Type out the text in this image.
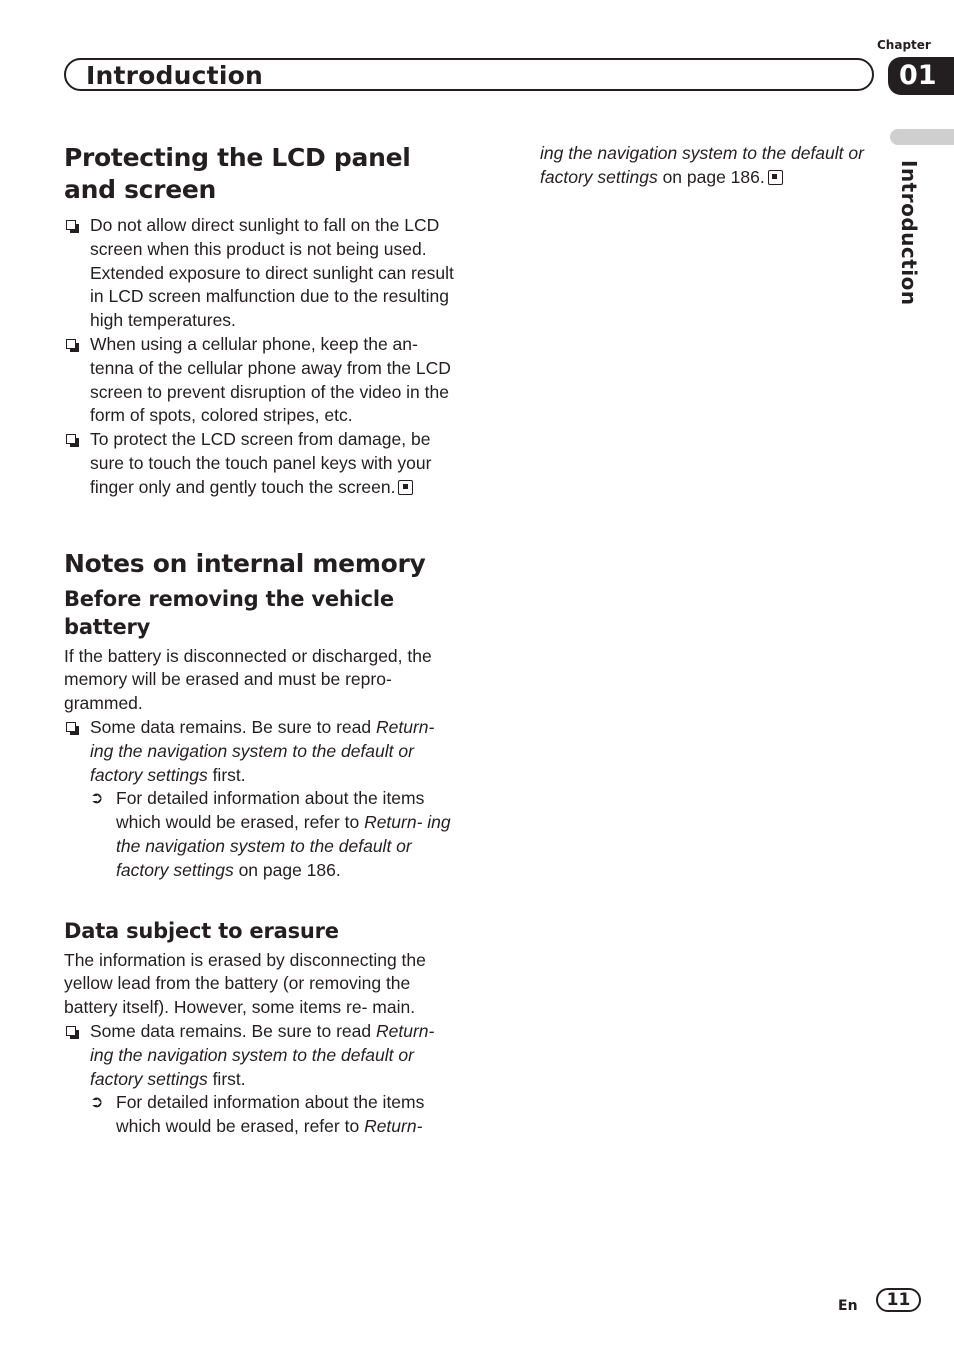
Chapter
Introduction	01
Introduction
Protecting the LCD panel and screen
Do not allow direct sunlight to fall on the LCD screen when this product is not being used. Extended exposure to direct sunlight can result in LCD screen malfunction due to the resulting high temperatures.
When using a cellular phone, keep the an- tenna of the cellular phone away from the LCD screen to prevent disruption of the video in the form of spots, colored stripes, etc.
To protect the LCD screen from damage, be sure to touch the touch panel keys with your finger only and gently touch the screen.
Notes on internal memory
Before removing the vehicle battery

If the battery is disconnected or discharged, the memory will be erased and must be repro- grammed.

Some data remains. Be sure to read Return- ing the navigation system to the default or factory settings first.
➲ For detailed information about the items which would be erased, refer to Return- ing the navigation system to the default or factory settings on page 186.
Data subject to erasure

The information is erased by disconnecting the yellow lead from the battery (or removing the battery itself). However, some items re- main.

Some data remains. Be sure to read Return- ing the navigation system to the default or factory settings first.
➲ For detailed information about the items which would be erased, refer to Return-

ing the navigation system to the default or factory settings on page 186.

En	11
